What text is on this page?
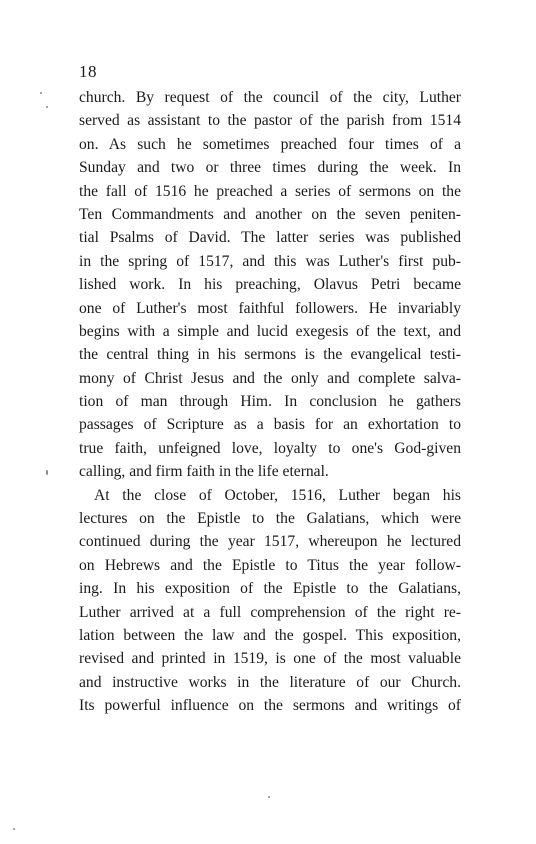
18
church. By request of the council of the city, Luther
served as assistant to the pastor of the parish from 1514
on. As such he sometimes preached four times of a
Sunday and two or three times during the week. In
the fall of 1516 he preached a series of sermons on the
Ten Commandments and another on the seven peniten-
tial Psalms of David. The latter series was published
in the spring of 1517, and this was Luther's first pub-
lished work. In his preaching, Olavus Petri became
one of Luther's most faithful followers. He invariably
begins with a simple and lucid exegesis of the text, and
the central thing in his sermons is the evangelical testi-
mony of Christ Jesus and the only and complete salva-
tion of man through Him. In conclusion he gathers
passages of Scripture as a basis for an exhortation to
true faith, unfeigned love, loyalty to one's God-given
calling, and firm faith in the life eternal.
At the close of October, 1516, Luther began his
lectures on the Epistle to the Galatians, which were
continued during the year 1517, whereupon he lectured
on Hebrews and the Epistle to Titus the year follow-
ing. In his exposition of the Epistle to the Galatians,
Luther arrived at a full comprehension of the right re-
lation between the law and the gospel. This exposition,
revised and printed in 1519, is one of the most valuable
and instructive works in the literature of our Church.
Its powerful influence on the sermons and writings of
